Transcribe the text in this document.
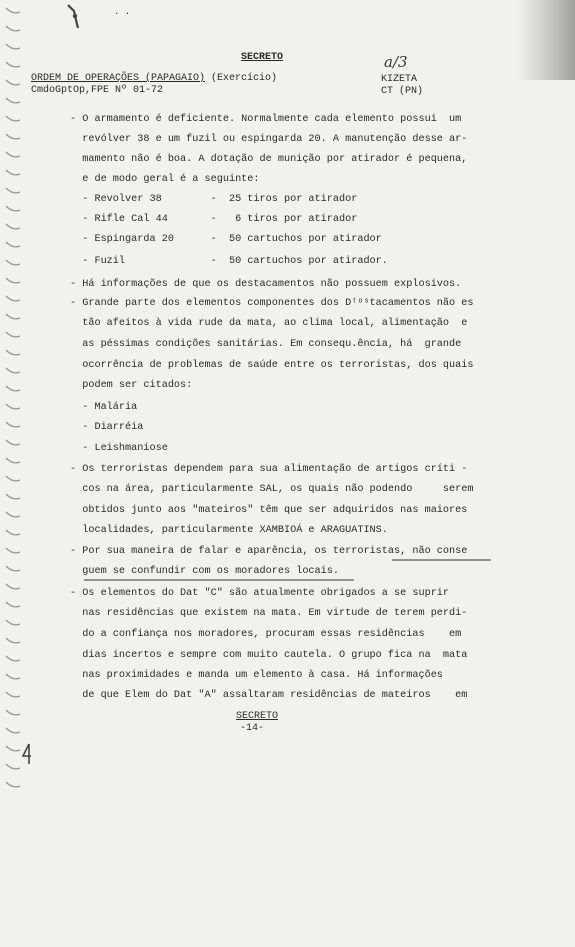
. .
SECRETO
ORDEM DE OPERAÇÕES (PAPAGAIO) (Exercício)
CmdoGptOp,FPE Nº 01-72
a/3
KIZETA
CT (PN)
- O armamento é deficiente. Normalmente cada elemento possui  um
revólver 38 e um fuzil ou espingarda 20. A manutenção desse ar-
mamento não é boa. A dotação de munição por atirador é pequena,
e de modo geral é a seguinte:
- Revolver 38        -  25 tiros por atirador
- Rifle Cal 44       -   6 tiros por atirador
- Espingarda 20      -  50 cartuchos por atirador
- Fuzil              -  50 cartuchos por atirador.
- Há informações de que os destacamentos não possuem explosivos.
- Grande parte dos elementos componentes dos Dᵗᵒˢtacamentos não es
tão afeitos à vida rude da mata, ao clima local, alimentação  e
as péssimas condições sanitárias. Em consequ.ência, há  grande
ocorrência de problemas de saúde entre os terroristas, dos quais
podem ser citados:
- Malária
- Diarréia
- Leishmaniose
- Os terroristas dependem para sua alimentação de artigos críti -
cos na área, particularmente SAL, os quais não podendo     serem
obtidos junto aos "mateiros" têm que ser adquiridos nas maiores
localidades, particularmente XAMBIOÁ e ARAGUATINS.
- Por sua maneira de falar e aparência, os terroristas, não conse
guem se confundir com os moradores locais.
- Os elementos do Dat "C" são atualmente obrigados a se suprir
nas residências que existem na mata. Em virtude de terem perdi-
do a confiança nos moradores, procuram essas residências    em
dias incertos e sempre com muito cautela. O grupo fica na  mata
nas proximidades e manda um elemento à casa. Há informações
de que Elem do Dat "A" assaltaram residências de mateiros    em
SECRETO
-14-
